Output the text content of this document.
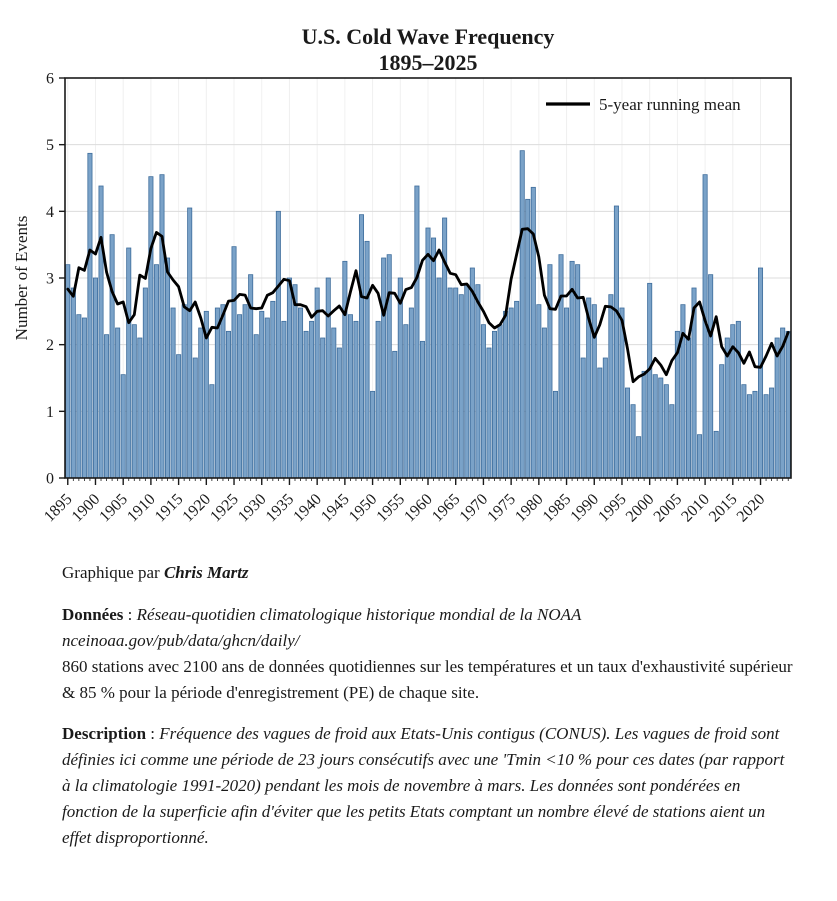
U.S. Cold Wave Frequency
1895–2025
0
1
2
3
4
5
6
1895
1900
1905
1910
1915
1920
1925
1930
1935
1940
1945
1950
1955
1960
1965
1970
1975
1980
1985
1990
1995
2000
2005
2010
2015
2020
Number of Events
5-year running mean

Graphique par Chris Martz

Données : Réseau-quotidien climatologique historique mondial de la NOAA
nceinoaa.gov/pub/data/ghcn/daily/
860 stations avec 2100 ans de données quotidiennes sur les températures et un taux d'exhaustivité supérieur & 85 % pour la période d'enregistrement (PE) de chaque site.

Description : Fréquence des vagues de froid aux Etats-Unis contigus (CONUS). Les vagues de froid sont définies ici comme une période de 23 jours consécutifs avec une 'Tmin <10 % pour ces dates (par rapport à la climatologie 1991-2020) pendant les mois de novembre à mars. Les données sont pondérées en fonction de la superficie afin d'éviter que les petits Etats comptant un nombre élevé de stations aient un effet disproportionné.
